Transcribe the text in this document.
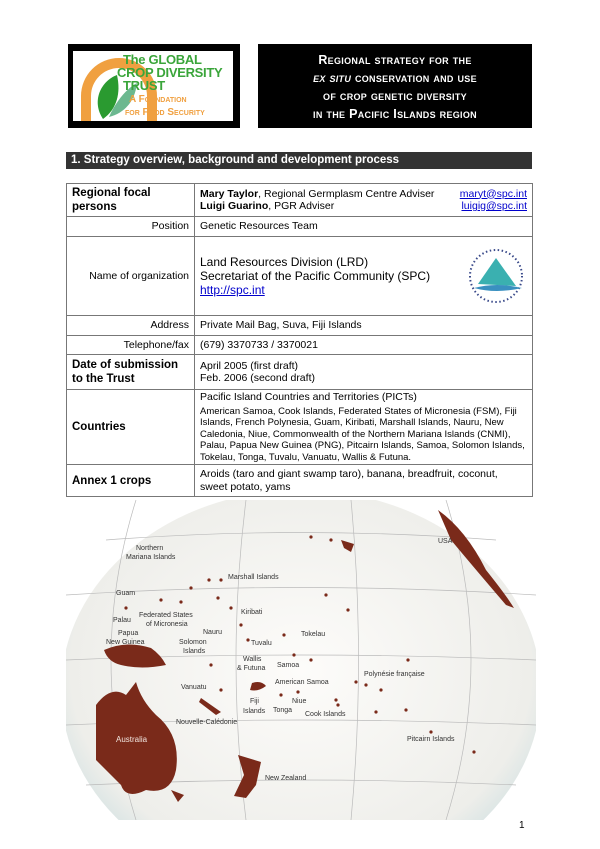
The GLOBAL
CROP DIVERSITY
TRUST
A Foundation
for Food Security
Regional strategy for the
ex situ conservation and use
of crop genetic diversity
in the Pacific Islands region
1. Strategy overview, background and development process
Regional focal persons	Mary Taylor, Regional Germplasm Centre Adviser maryt@spc.int
Luigi Guarino, PGR Adviser luigig@spc.int

Position	Genetic Resources Team
Name of organization	Land Resources Division (LRD)
Secretariat of the Pacific Community (SPC)
http://spc.int

Address	Private Mail Bag, Suva, Fiji Islands
Telephone/fax	(679) 3370733 / 3370021
Date of submission to the Trust	April 2005 (first draft)
Feb. 2006 (second draft)

Countries	Pacific Island Countries and Territories (PICTs)
American Samoa, Cook Islands, Federated States of Micronesia (FSM), Fiji Islands, French Polynesia, Guam, Kiribati, Marshall Islands, Nauru, New Caledonia, Niue, Commonwealth of the Northern Mariana Islands (CNMI), Palau, Papua New Guinea (PNG), Pitcairn Islands, Samoa, Solomon Islands, Tokelau, Tonga, Tuvalu, Vanuatu, Wallis & Futuna.

Annex 1 crops	Aroids (taro and giant swamp taro), banana, breadfruit, coconut, sweet potato, yams
USA
Northern
Mariana Islands
Marshall Islands
Guam
Kiribati
Federated States
of Micronesia
Palau
Papua
New Guinea
Nauru	Tokelau
Solomon
Islands
Tuvalu
Wallis
& Futuna Samoa
American Samoa
Polynésie française
Vanuatu
Fiji
Islands Tonga
Niue
Cook Islands
Nouvelle-Calédonie
Australia	Pitcairn Islands
New Zealand
1
